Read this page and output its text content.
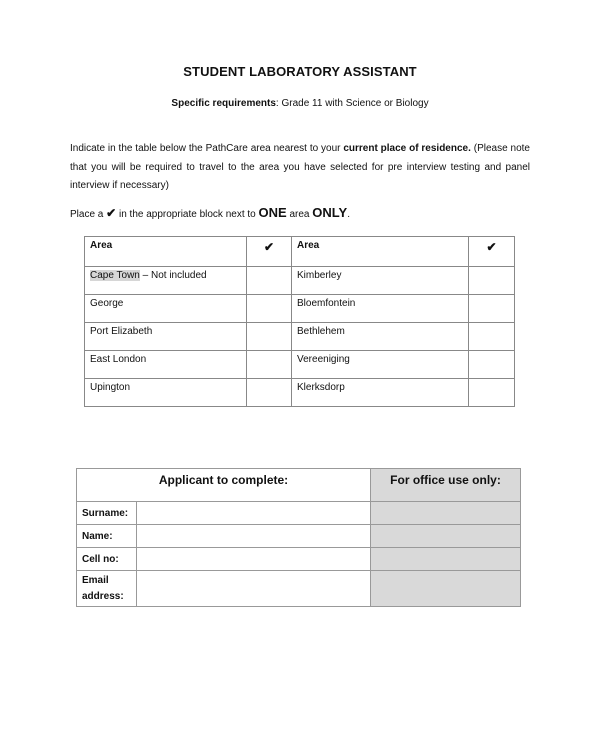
STUDENT LABORATORY ASSISTANT
Specific requirements: Grade 11 with Science or Biology
Indicate in the table below the PathCare area nearest to your current place of residence. (Please note that you will be required to travel to the area you have selected for pre interview testing and panel interview if necessary)
Place a ✔ in the appropriate block next to ONE area ONLY.
Area	✔	Area	✔
Cape Town – Not included		Kimberley	
George		Bloemfontein	
Port Elizabeth		Bethlehem	
East London		Vereeniging	
Upington		Klerksdorp	
Applicant to complete:		For office use only:
Surname:		
Name:		
Cell no:		
Email
address:		
